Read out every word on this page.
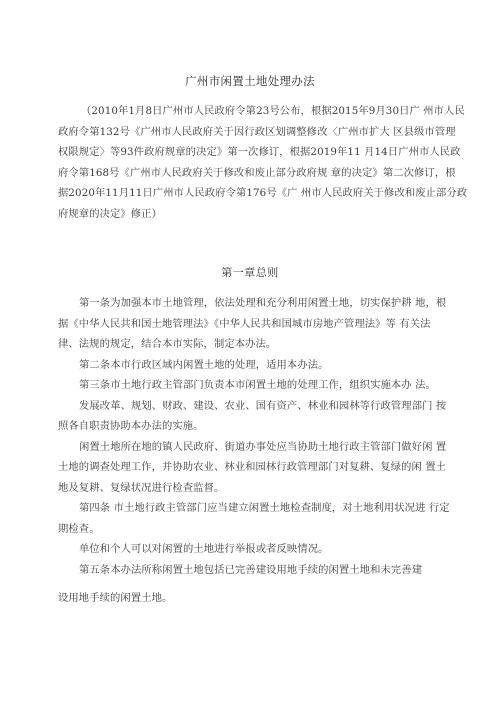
广州市闲置土地处理办法
（2010年1月8日广州市人民政府令第23号公布，根据2015年9月30日广 州市人民
政府令第132号《广州市人民政府关于因行政区划调整修改〈广州市扩大 区县级市管理
权限规定〉等93件政府规章的决定》第一次修订，根据2019年11 月14日广州市人民政
府令第168号《广州市人民政府关于修改和废止部分政府规 章的决定》第二次修订，根
据2020年11月11日广州市人民政府令第176号《广 州市人民政府关于修改和废止部分政
府规章的决定》修正）
第一章总则

第一条为加强本市土地管理，依法处理和充分利用闲置土地，切实保护耕 地，根
据《中华人民共和国土地管理法》《中华人民共和国城市房地产管理法》等 有关法
律、法规的规定，结合本市实际，制定本办法。

第二条本市行政区域内闲置土地的处理，适用本办法。

第三条市土地行政主管部门负责本市闲置土地的处理工作，组织实施本办 法。

发展改革、规划、财政、建设、农业、国有资产、林业和园林等行政管理部门 按
照各自职责协助本办法的实施。

闲置土地所在地的镇人民政府、街道办事处应当协助土地行政主管部门做好闲 置
土地的调查处理工作，并协助农业、林业和园林行政管理部门对复耕、复绿的闲 置土
地及复耕、复绿状况进行检查监督。

第四条 市土地行政主管部门应当建立闲置土地检查制度，对土地利用状况进 行定
期检查。

单位和个人可以对闲置的土地进行举报或者反映情况。

第五条本办法所称闲置土地包括已完善建设用地手续的闲置土地和未完善建

设用地手续的闲置土地。
